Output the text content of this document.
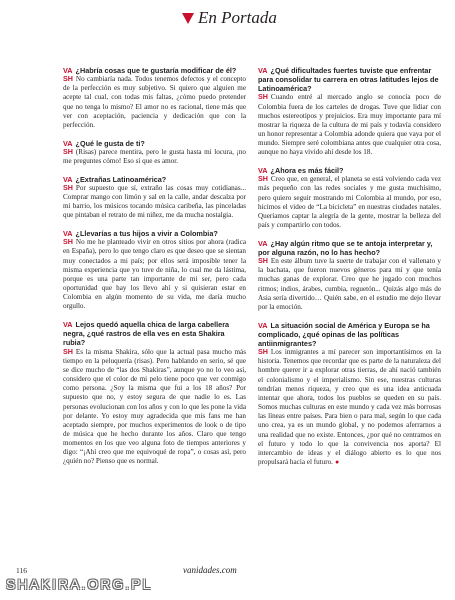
En Portada
VA ¿Habría cosas que te gustaría modificar de él?
SH No cambiaría nada. Todos tenemos defectos y el concepto de la perfección es muy subjetivo. Si quiero que alguien me acepte tal cual, con todas mis faltas, ¿cómo puedo pretender que no tenga lo mismo? El amor no es racional, tiene más que ver con aceptación, paciencia y dedicación que con la perfección.
VA ¿Qué le gusta de ti?
SH (Risas) parece mentira, pero le gusta hasta mi locura, ¡no me preguntes cómo! Eso sí que es amor.
VA ¿Extrañas Latinoamérica?
SH Por supuesto que sí, extraño las cosas muy cotidianas... Comprar mango con limón y sal en la calle, andar descalza por mi barrio, los músicos tocando música caribeña, las pinceladas que pintaban el retrato de mi niñez, me da mucha nostalgia.
VA ¿Llevarías a tus hijos a vivir a Colombia?
SH No me he planteado vivir en otros sitios por ahora (radica en España), pero lo que tengo claro es que deseo que se sientan muy conectados a mi país; por ellos será imposible tener la misma experiencia que yo tuve de niña, lo cual me da lástima, porque es una parte tan importante de mi ser, pero cada oportunidad que hay los llevo ahí y si quisieran estar en Colombia en algún momento de su vida, me daría mucho orgullo.
VA Lejos quedó aquella chica de larga cabellera negra, ¿qué rastros de ella ves en esta Shakira rubia?
SH Es la misma Shakira, sólo que la actual pasa mucho más tiempo en la peluquería (risas). Pero hablando en serio, sé que se dice mucho de “las dos Shakiras”, aunque yo no lo veo así, considero que el color de mi pelo tiene poco que ver conmigo como persona. ¿Soy la misma que fui a los 18 años? Por supuesto que no, y estoy segura de que nadie lo es. Las personas evolucionan con los años y con lo que les pone la vida por delante. Yo estoy muy agradecida que mis fans me han aceptado siempre, por muchos experimentos de look o de tipo de música que he hecho durante los años. Claro que tengo momentos en los que veo alguna foto de tiempos anteriores y digo: “¡Ahí creo que me equivoqué de ropa”, o cosas así, pero ¿quién no? Pienso que es normal.
VA ¿Qué dificultades fuertes tuviste que enfrentar para consolidar tu carrera en otras latitudes lejos de Latinoamérica?
SH Cuando entré al mercado anglo se conocía poco de Colombia fuera de los carteles de drogas. Tuve que lidiar con muchos estereotipos y prejuicios. Era muy importante para mí mostrar la riqueza de la cultura de mi país y todavía considero un honor representar a Colombia adonde quiera que vaya por el mundo. Siempre seré colombiana antes que cualquier otra cosa, aunque no haya vivido ahí desde los 18.
VA ¿Ahora es más fácil?
SH Creo que, en general, el planeta se está volviendo cada vez más pequeño con las redes sociales y me gusta muchísimo, pero quiero seguir mostrando mi Colombia al mundo, por eso, hicimos el video de “La bicicleta” en nuestras ciudades natales. Queríamos captar la alegría de la gente, mostrar la belleza del país y compartirlo con todos.
VA ¿Hay algún ritmo que se te antoja interpretar y, por alguna razón, no lo has hecho?
SH En este álbum tuve la suerte de trabajar con el vallenato y la bachata, que fueron nuevos géneros para mí y que tenía muchas ganas de explorar. Creo que he jugado con muchos ritmos; indios, árabes, cumbia, reguetón... Quizás algo más de Asia sería divertido… Quién sabe, en el estudio me dejo llevar por la emoción.
VA La situación social de América y Europa se ha complicado, ¿qué opinas de las políticas antiinmigrantes?
SH Los inmigrantes a mí parecer son importantísimos en la historia. Tenemos que recordar que es parte de la naturaleza del hombre querer ir a explorar otras tierras, de ahí nació también el colonialismo y el imperialismo. Sin ese, nuestras culturas tendrían menos riqueza, y creo que es una idea anticuada intentar que ahora, todos los pueblos se queden en su país. Somos muchas culturas en este mundo y cada vez más borrosas las líneas entre países. Para bien o para mal, según lo que cada uno crea, ya es un mundo global, y no podemos aferrarnos a una realidad que no existe. Entonces, ¿por qué no centramos en el futuro y todo lo que la convivencia nos aporta? El intercambio de ideas y el diálogo abierto es lo que nos propulsará hacia el futuro. ●
116	vanidades.com
SHAKIRA.ORG.PL
